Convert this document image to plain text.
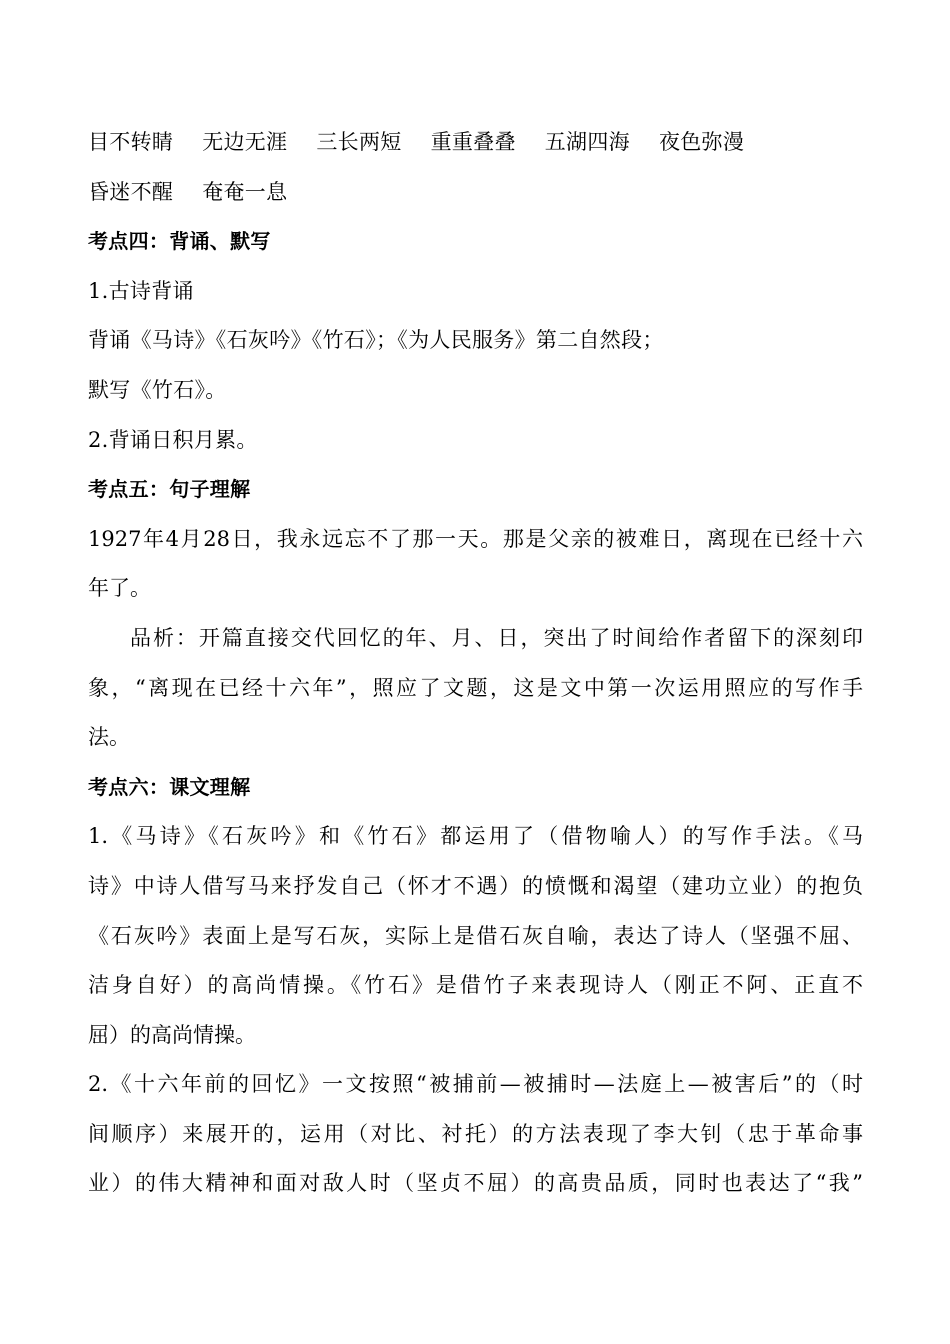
目不转睛 无边无涯 三长两短 重重叠叠 五湖四海 夜色弥漫
昏迷不醒 奄奄一息
考点四：背诵、默写
1.古诗背诵
背诵《马诗》《石灰吟》《竹石》；《为人民服务》第二自然段；
默写《竹石》。
2.背诵日积月累。
考点五：句子理解
1927年4月28日，我永远忘不了那一天。那是父亲的被难日，离现在已经十六
年了。
品析：开篇直接交代回忆的年、月、日，突出了时间给作者留下的深刻印
象，“离现在已经十六年”，照应了文题，这是文中第一次运用照应的写作手
法。
考点六：课文理解
1.《马诗》《石灰吟》和《竹石》都运用了（借物喻人）的写作手法。《马
诗》中诗人借写马来抒发自己（怀才不遇）的愤慨和渴望（建功立业）的抱负
《石灰吟》表面上是写石灰，实际上是借石灰自喻，表达了诗人（坚强不屈、
洁身自好）的高尚情操。《竹石》是借竹子来表现诗人（刚正不阿、正直不
屈）的高尚情操。
2.《十六年前的回忆》一文按照“被捕前—被捕时—法庭上—被害后”的（时
间顺序）来展开的，运用（对比、衬托）的方法表现了李大钊（忠于革命事
业）的伟大精神和面对敌人时（坚贞不屈）的高贵品质，同时也表达了“我”
